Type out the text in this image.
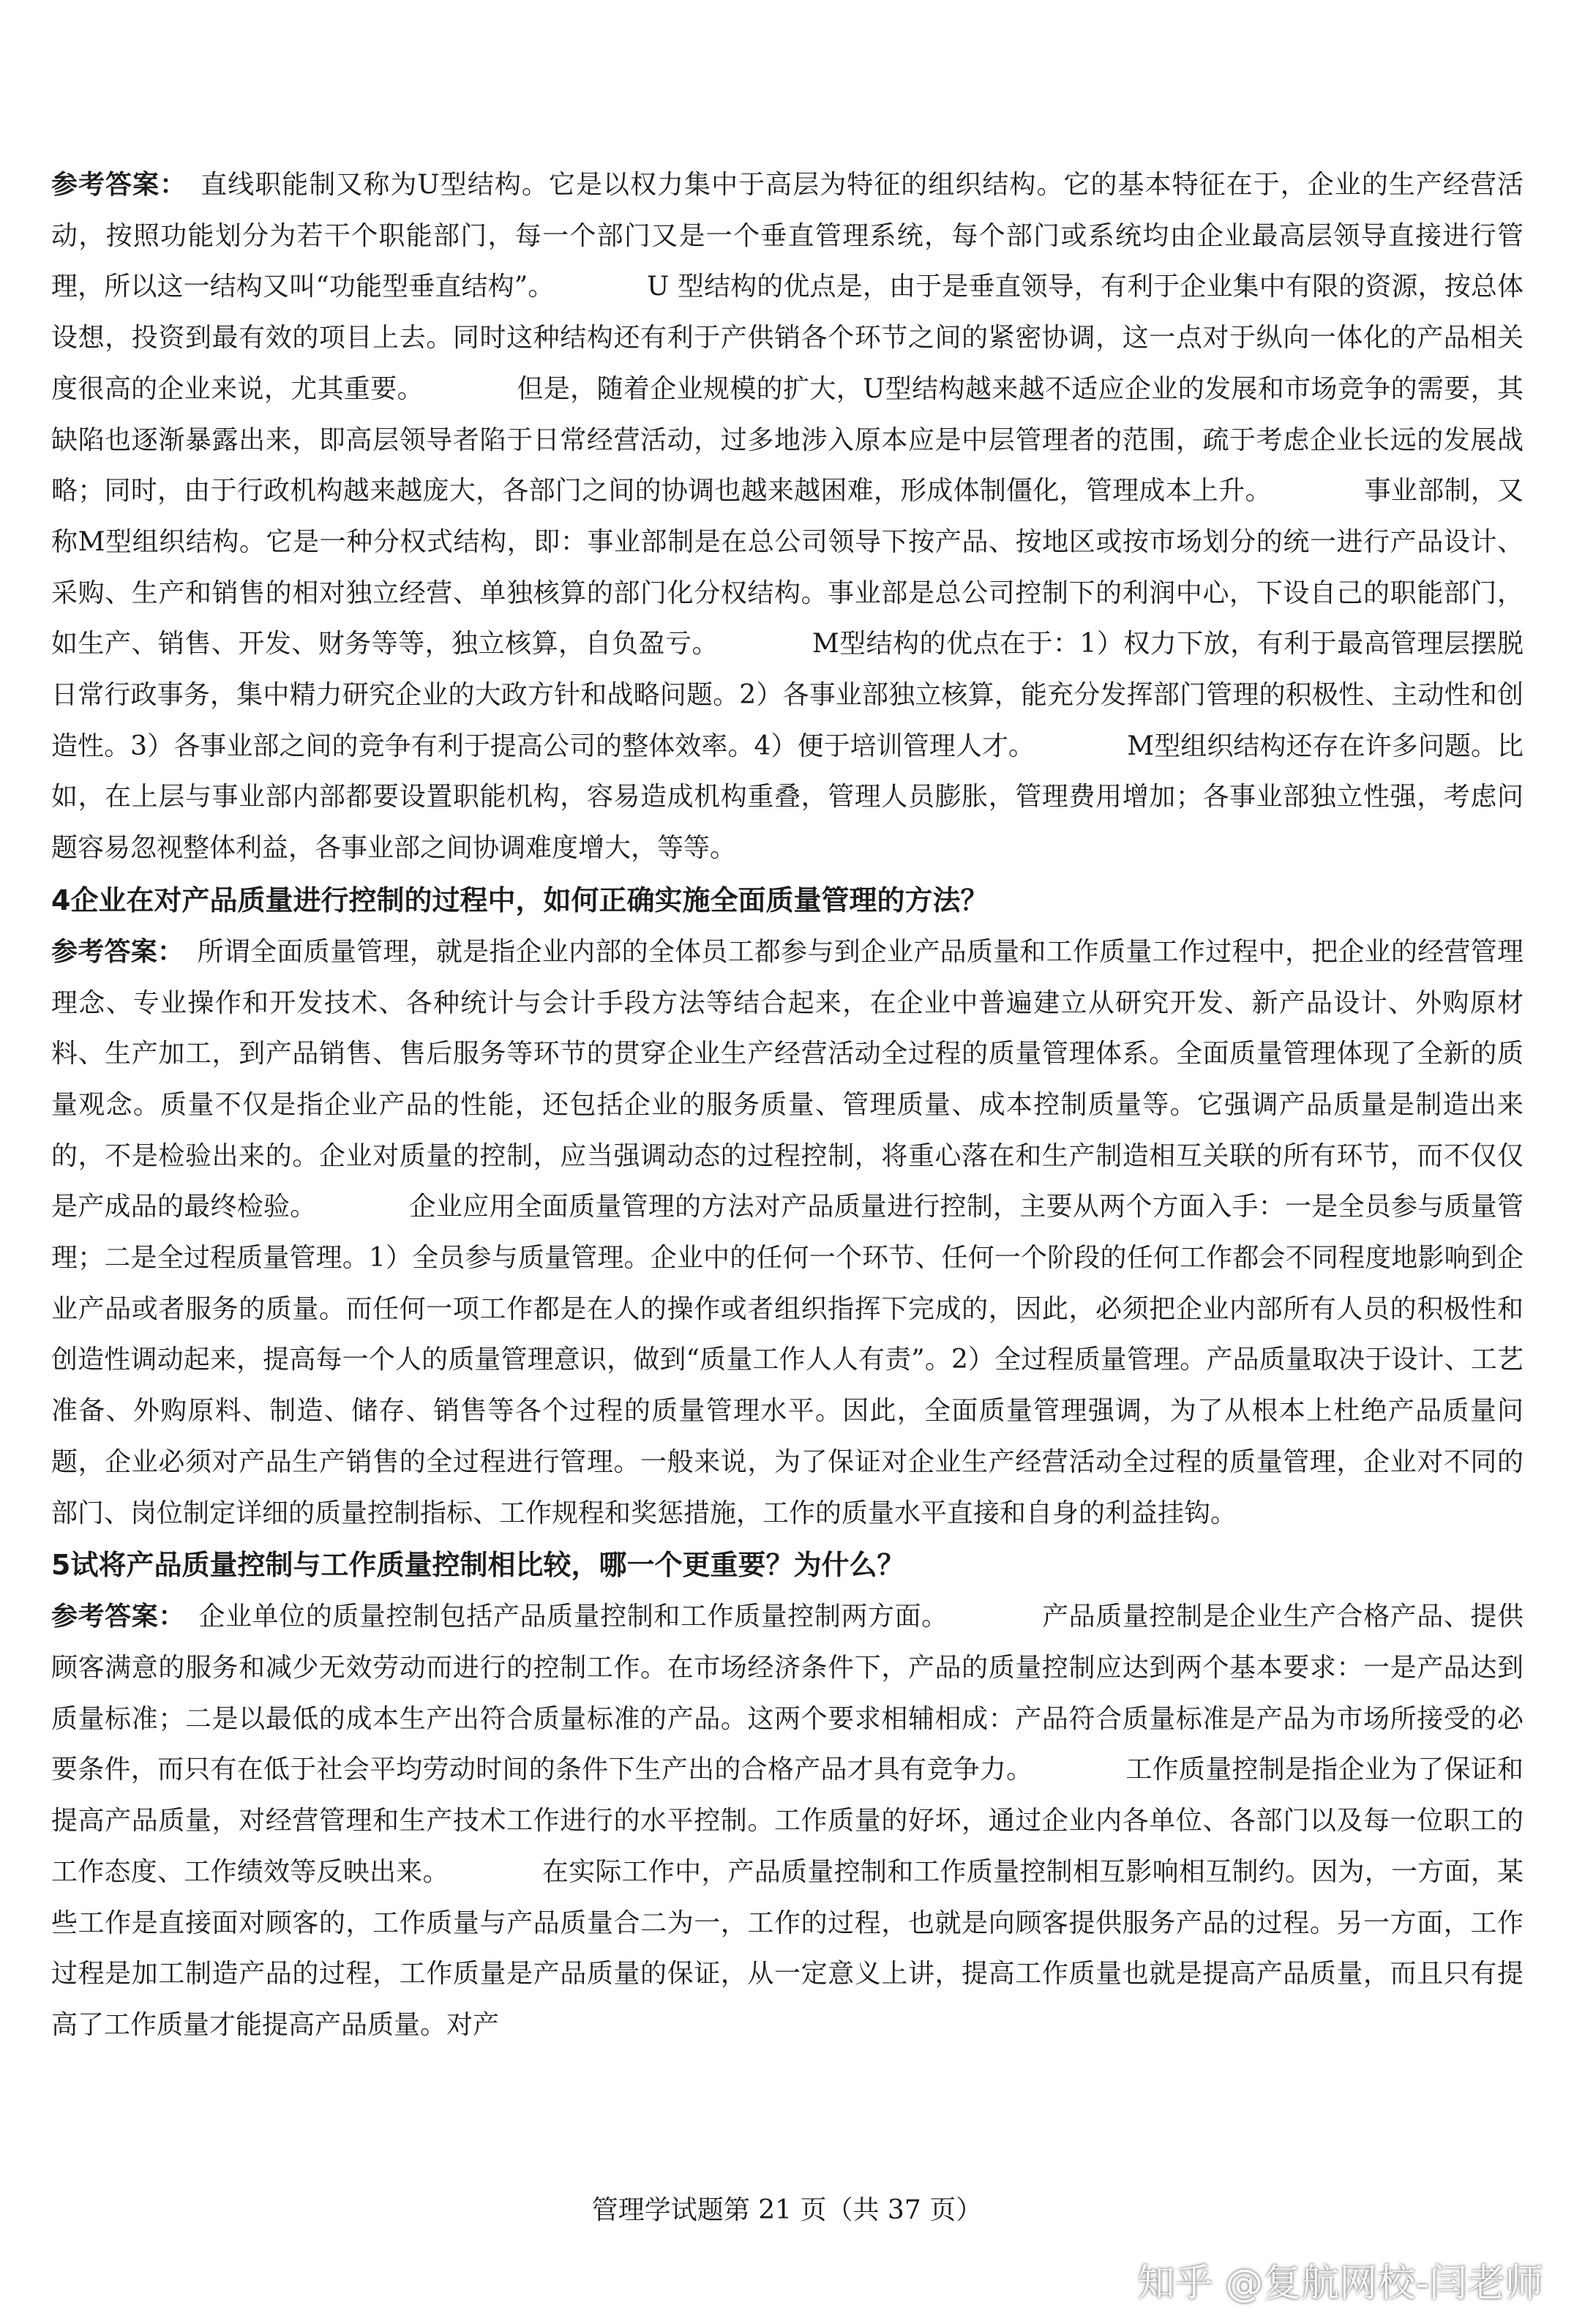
参考答案：　 直线职能制又称为U型结构。它是以权力集中于高层为特征的组织结构。它的基本特征在于，企业的生产经营活动，按照功能划分为若干个职能部门，每一个部门又是一个垂直管理系统，每个部门或系统均由企业最高层领导直接进行管理，所以这一结构又叫“功能型垂直结构”。　　　　U 型结构的优点是，由于是垂直领导，有利于企业集中有限的资源，按总体设想，投资到最有效的项目上去。同时这种结构还有利于产供销各个环节之间的紧密协调，这一点对于纵向一体化的产品相关度很高的企业来说，尤其重要。　　　　但是，随着企业规模的扩大，U型结构越来越不适应企业的发展和市场竞争的需要，其缺陷也逐渐暴露出来，即高层领导者陷于日常经营活动，过多地涉入原本应是中层管理者的范围，疏于考虑企业长远的发展战略；同时，由于行政机构越来越庞大，各部门之间的协调也越来越困难，形成体制僵化，管理成本上升。　　　　事业部制，又称M型组织结构。它是一种分权式结构，即：事业部制是在总公司领导下按产品、按地区或按市场划分的统一进行产品设计、采购、生产和销售的相对独立经营、单独核算的部门化分权结构。事业部是总公司控制下的利润中心，下设自己的职能部门，如生产、销售、开发、财务等等，独立核算，自负盈亏。　　　　M型结构的优点在于：1）权力下放，有利于最高管理层摆脱日常行政事务，集中精力研究企业的大政方针和战略问题。2）各事业部独立核算，能充分发挥部门管理的积极性、主动性和创造性。3）各事业部之间的竞争有利于提高公司的整体效率。4）便于培训管理人才。　　　　M型组织结构还存在许多问题。比如，在上层与事业部内部都要设置职能机构，容易造成机构重叠，管理人员膨胀，管理费用增加；各事业部独立性强，考虑问题容易忽视整体利益，各事业部之间协调难度增大，等等。

4企业在对产品质量进行控制的过程中，如何正确实施全面质量管理的方法？

参考答案：　 所谓全面质量管理，就是指企业内部的全体员工都参与到企业产品质量和工作质量工作过程中，把企业的经营管理理念、专业操作和开发技术、各种统计与会计手段方法等结合起来，在企业中普遍建立从研究开发、新产品设计、外购原材料、生产加工，到产品销售、售后服务等环节的贯穿企业生产经营活动全过程的质量管理体系。全面质量管理体现了全新的质量观念。质量不仅是指企业产品的性能，还包括企业的服务质量、管理质量、成本控制质量等。它强调产品质量是制造出来的，不是检验出来的。企业对质量的控制，应当强调动态的过程控制，将重心落在和生产制造相互关联的所有环节，而不仅仅是产成品的最终检验。　　　　企业应用全面质量管理的方法对产品质量进行控制，主要从两个方面入手：一是全员参与质量管理；二是全过程质量管理。1）全员参与质量管理。企业中的任何一个环节、任何一个阶段的任何工作都会不同程度地影响到企业产品或者服务的质量。而任何一项工作都是在人的操作或者组织指挥下完成的，因此，必须把企业内部所有人员的积极性和创造性调动起来，提高每一个人的质量管理意识，做到“质量工作人人有责”。2）全过程质量管理。产品质量取决于设计、工艺准备、外购原料、制造、储存、销售等各个过程的质量管理水平。因此，全面质量管理强调，为了从根本上杜绝产品质量问题，企业必须对产品生产销售的全过程进行管理。一般来说，为了保证对企业生产经营活动全过程的质量管理，企业对不同的部门、岗位制定详细的质量控制指标、工作规程和奖惩措施，工作的质量水平直接和自身的利益挂钩。

5试将产品质量控制与工作质量控制相比较，哪一个更重要？为什么？

参考答案：　 企业单位的质量控制包括产品质量控制和工作质量控制两方面。　　　　产品质量控制是企业生产合格产品、提供顾客满意的服务和减少无效劳动而进行的控制工作。在市场经济条件下，产品的质量控制应达到两个基本要求：一是产品达到质量标准；二是以最低的成本生产出符合质量标准的产品。这两个要求相辅相成：产品符合质量标准是产品为市场所接受的必要条件，而只有在低于社会平均劳动时间的条件下生产出的合格产品才具有竞争力。　　　　工作质量控制是指企业为了保证和提高产品质量，对经营管理和生产技术工作进行的水平控制。工作质量的好坏，通过企业内各单位、各部门以及每一位职工的工作态度、工作绩效等反映出来。　　　　在实际工作中，产品质量控制和工作质量控制相互影响相互制约。因为，一方面，某些工作是直接面对顾客的，工作质量与产品质量合二为一，工作的过程，也就是向顾客提供服务产品的过程。另一方面，工作过程是加工制造产品的过程，工作质量是产品质量的保证，从一定意义上讲，提高工作质量也就是提高产品质量，而且只有提高了工作质量才能提高产品质量。对产

管理学试题第 21 页（共 37 页）
知乎 @复航网校-闫老师
